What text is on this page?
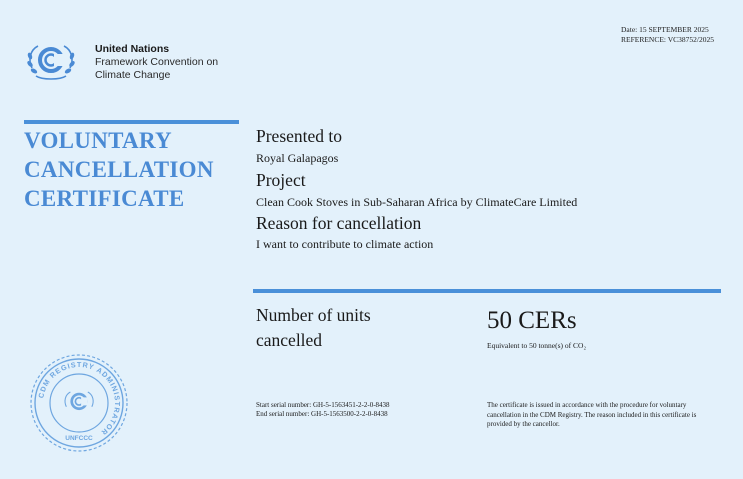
Date: 15 SEPTEMBER 2025
REFERENCE: VC38752/2025
United Nations
Framework Convention on
Climate Change
VOLUNTARY
CANCELLATION
CERTIFICATE
Presented to
Royal Galapagos
Project
Clean Cook Stoves in Sub-Saharan Africa by ClimateCare Limited
Reason for cancellation
I want to contribute to climate action
Number of units
cancelled
50 CERs
Equivalent to 50 tonne(s) of CO₂
Start serial number: GH-5-1563451-2-2-0-8438
End serial number: GH-5-1563500-2-2-0-8438
The certificate is issued in accordance with the procedure for voluntary
cancellation in the CDM Registry. The reason included in this certificate is
provided by the cancellor.
CDM REGISTRY ADMINISTRATOR
UNFCCC
